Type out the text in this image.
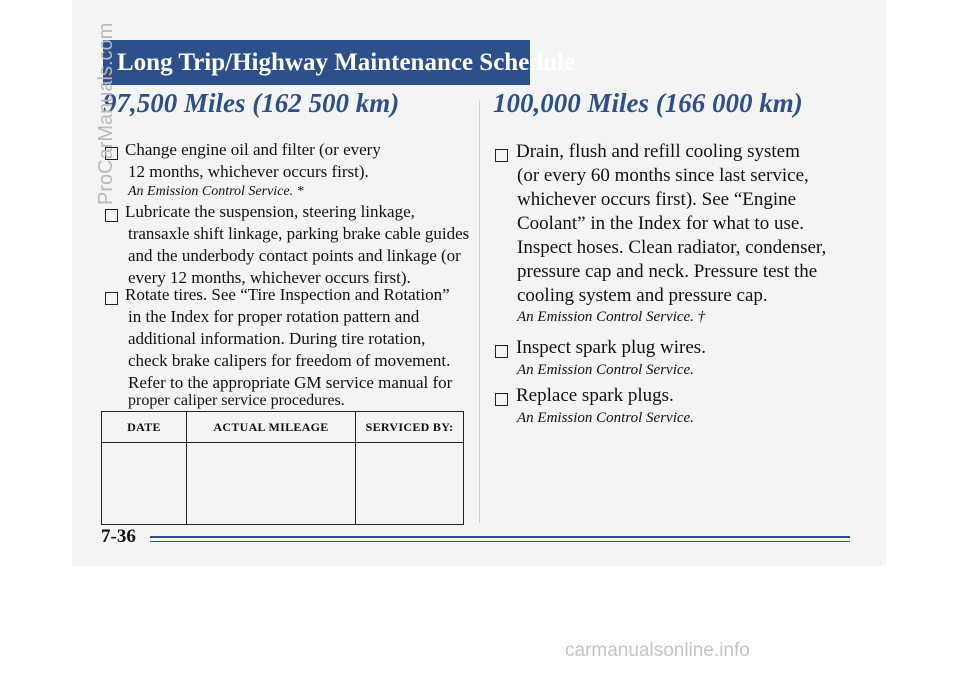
Long Trip/Highway Maintenance Schedule
97,500 Miles (162 500 km)
Change engine oil and filter (or every
12 months, whichever occurs first).
An Emission Control Service. *
Lubricate the suspension, steering linkage,
transaxle shift linkage, parking brake cable guides
and the underbody contact points and linkage (or
every 12 months, whichever occurs first).
Rotate tires. See “Tire Inspection and Rotation”
in the Index for proper rotation pattern and
additional information. During tire rotation,
check brake calipers for freedom of movement.
Refer to the appropriate GM service manual for
proper caliper service procedures.
DATE	ACTUAL MILEAGE	SERVICED BY:

100,000 Miles (166 000 km)
Drain, flush and refill cooling system
(or every 60 months since last service,
whichever occurs first). See “Engine
Coolant” in the Index for what to use.
Inspect hoses. Clean radiator, condenser,
pressure cap and neck. Pressure test the
cooling system and pressure cap.
An Emission Control Service. †
Inspect spark plug wires.
An Emission Control Service.
Replace spark plugs.
An Emission Control Service.
7-36
ProCarManuals.com
carmanualsonline.info
